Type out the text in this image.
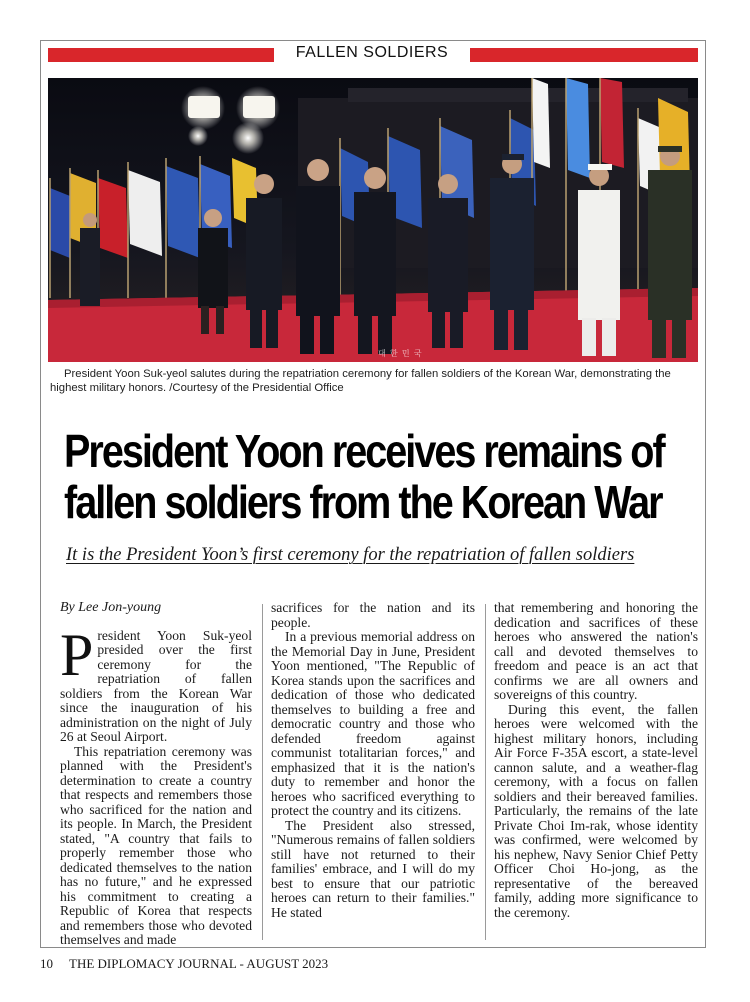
FALLEN SOLDIERS
대 한 민 국
President Yoon Suk-yeol salutes during the repatriation ceremony for fallen soldiers of the Korean War, demonstrating the highest military honors. /Courtesy of the Presidential Office
President Yoon receives remains of
fallen soldiers from the Korean War
It is the President Yoon’s first ceremony for the repatriation of fallen soldiers
By Lee Jon-young

President Yoon Suk-yeol presided over the first ceremony for the repatriation of fallen soldiers from the Korean War since the inauguration of his administration on the night of July 26 at Seoul Airport.

This repatriation ceremony was planned with the President's determination to create a country that respects and remembers those who sacrificed for the nation and its people. In March, the President stated, "A country that fails to properly remember those who dedicated themselves to the nation has no future," and he expressed his commitment to creating a Republic of Korea that respects and remembers those who devoted themselves and made

sacrifices for the nation and its people.

In a previous memorial address on the Memorial Day in June, President Yoon mentioned, "The Republic of Korea stands upon the sacrifices and dedication of those who dedicated themselves to building a free and democratic country and those who defended freedom against communist totalitarian forces," and emphasized that it is the nation's duty to remember and honor the heroes who sacrificed everything to protect the country and its citizens.

The President also stressed, "Numerous remains of fallen soldiers still have not returned to their families' embrace, and I will do my best to ensure that our patriotic heroes can return to their families." He stated

that remembering and honoring the dedication and sacrifices of these heroes who answered the nation's call and devoted themselves to freedom and peace is an act that confirms we are all owners and sovereigns of this country.

During this event, the fallen heroes were welcomed with the highest military honors, including Air Force F-35A escort, a state-level cannon salute, and a weather-flag ceremony, with a focus on fallen soldiers and their bereaved families. Particularly, the remains of the late Private Choi Im-rak, whose identity was confirmed, were welcomed by his nephew, Navy Senior Chief Petty Officer Choi Ho-jong, as the representative of the bereaved family, adding more significance to the ceremony.

10 THE DIPLOMACY JOURNAL - AUGUST 2023
